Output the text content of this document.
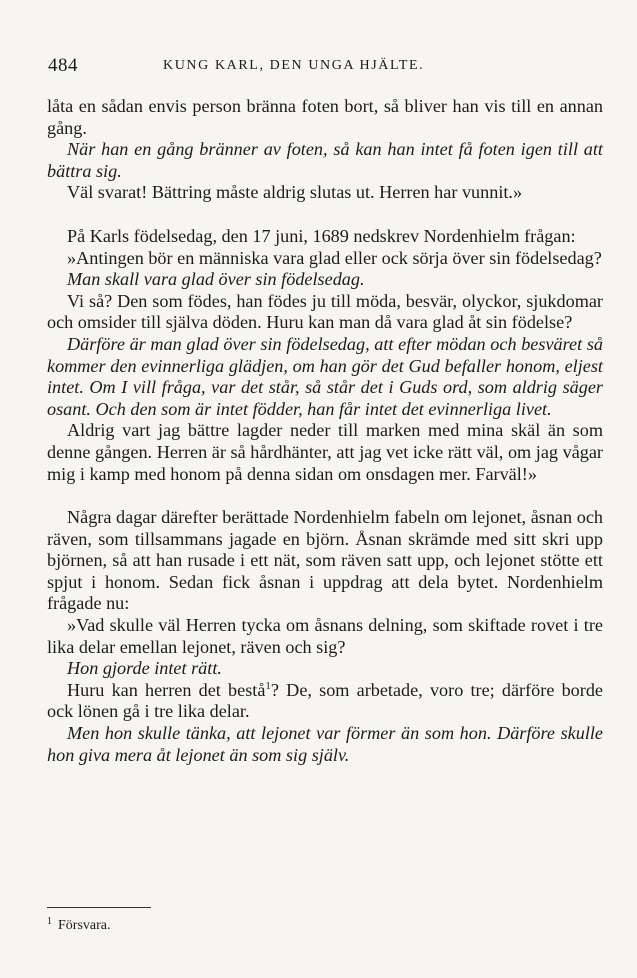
484	KUNG KARL, DEN UNGA HJÄLTE.

låta en sådan envis person bränna foten bort, så bliver han vis till en annan gång.

När han en gång bränner av foten, så kan han intet få foten igen till att bättra sig.

Väl svarat! Bättring måste aldrig slutas ut. Herren har vunnit.»

På Karls födelsedag, den 17 juni, 1689 nedskrev Nordenhielm frågan:

»Antingen bör en människa vara glad eller ock sörja över sin födelsedag?

Man skall vara glad över sin födelsedag.

Vi så? Den som födes, han födes ju till möda, besvär, olyckor, sjukdomar och omsider till själva döden. Huru kan man då vara glad åt sin födelse?

Därföre är man glad över sin födelsedag, att efter mödan och besväret så kommer den evinnerliga glädjen, om han gör det Gud befaller honom, eljest intet. Om I vill fråga, var det står, så står det i Guds ord, som aldrig säger osant. Och den som är intet födder, han får intet det evinnerliga livet.

Aldrig vart jag bättre lagder neder till marken med mina skäl än som denne gången. Herren är så hårdhänter, att jag vet icke rätt väl, om jag vågar mig i kamp med honom på denna sidan om onsdagen mer. Farväl!»

Några dagar därefter berättade Nordenhielm fabeln om lejonet, åsnan och räven, som tillsammans jagade en björn. Åsnan skrämde med sitt skri upp björnen, så att han rusade i ett nät, som räven satt upp, och lejonet stötte ett spjut i honom. Sedan fick åsnan i uppdrag att dela bytet. Nordenhielm frågade nu:

»Vad skulle väl Herren tycka om åsnans delning, som skiftade rovet i tre lika delar emellan lejonet, räven och sig?

Hon gjorde intet rätt.

Huru kan herren det bestå$^1$? De, som arbetade, voro tre; därföre borde ock lönen gå i tre lika delar.

Men hon skulle tänka, att lejonet var förmer än som hon. Därföre skulle hon giva mera åt lejonet än som sig själv.

$^1$ Försvara.
